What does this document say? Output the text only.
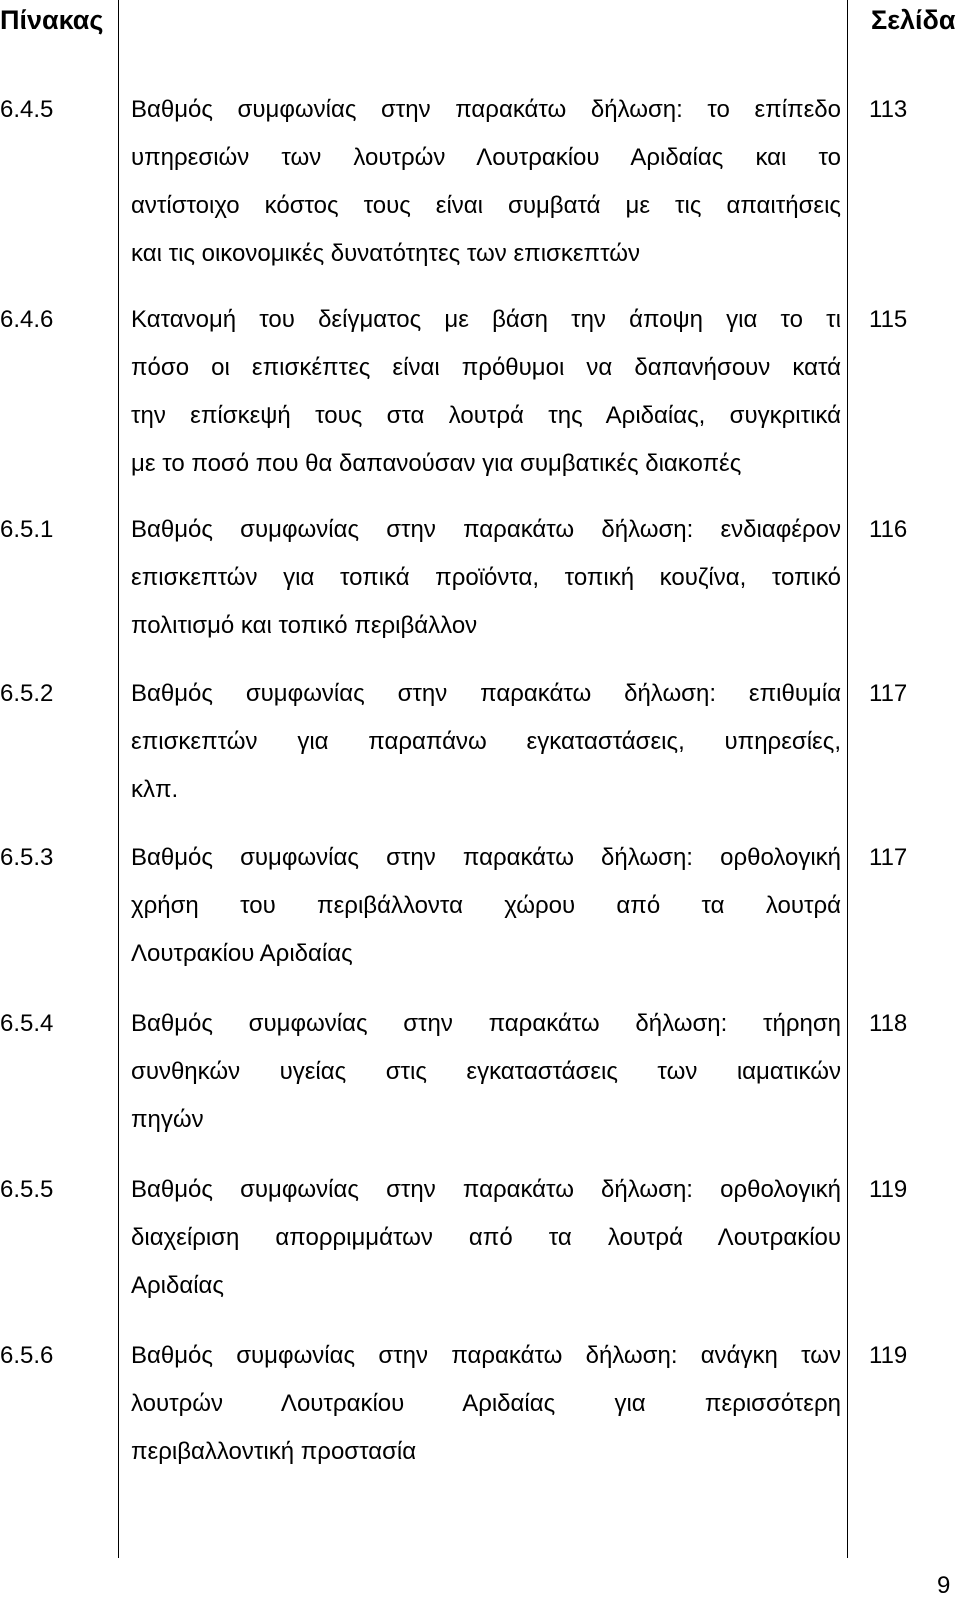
Πίνακας	Σελίδα
6.4.5	Βαθμός συμφωνίας στην παρακάτω δήλωση: το επίπεδο
υπηρεσιών των λουτρών Λουτρακίου Αριδαίας και το
αντίστοιχο κόστος τους είναι συμβατά με τις απαιτήσεις
και τις οικονομικές δυνατότητες των επισκεπτών
113
6.4.6	Κατανομή του δείγματος με βάση την άποψη για το τι
πόσο οι επισκέπτες είναι πρόθυμοι να δαπανήσουν κατά
την επίσκεψή τους στα λουτρά της Αριδαίας, συγκριτικά
με το ποσό που θα δαπανούσαν για συμβατικές διακοπές
115
6.5.1	Βαθμός συμφωνίας στην παρακάτω δήλωση: ενδιαφέρον
επισκεπτών για τοπικά προϊόντα, τοπική κουζίνα, τοπικό
πολιτισμό και τοπικό περιβάλλον
116
6.5.2	Βαθμός συμφωνίας στην παρακάτω δήλωση: επιθυμία
επισκεπτών για παραπάνω εγκαταστάσεις, υπηρεσίες,
κλπ.
117
6.5.3	Βαθμός συμφωνίας στην παρακάτω δήλωση: ορθολογική
χρήση του περιβάλλοντα χώρου από τα λουτρά
Λουτρακίου Αριδαίας
117
6.5.4	Βαθμός συμφωνίας στην παρακάτω δήλωση: τήρηση
συνθηκών υγείας στις εγκαταστάσεις των ιαματικών
πηγών
118
6.5.5	Βαθμός συμφωνίας στην παρακάτω δήλωση: ορθολογική
διαχείριση απορριμμάτων από τα λουτρά Λουτρακίου
Αριδαίας
119
6.5.6	Βαθμός συμφωνίας στην παρακάτω δήλωση: ανάγκη των
λουτρών Λουτρακίου Αριδαίας για περισσότερη
περιβαλλοντική προστασία
119
9
